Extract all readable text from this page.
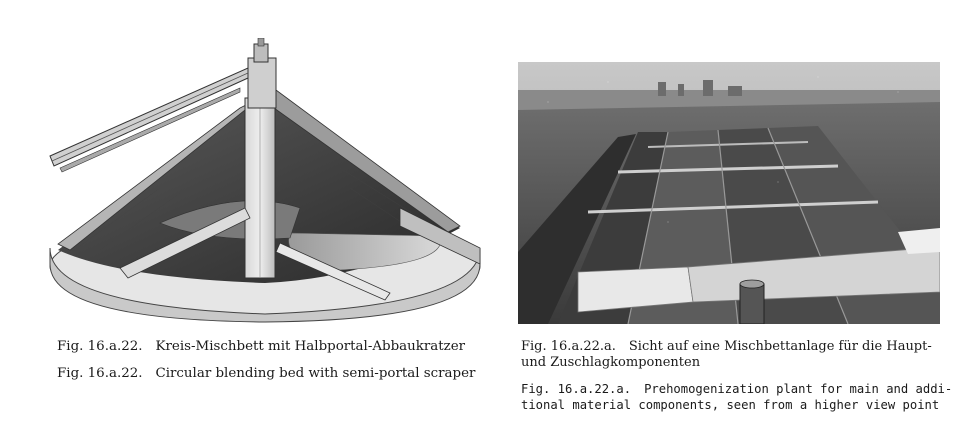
Fig. 16.a.22. Kreis-Mischbett mit Halbportal-Abbaukratzer
Fig. 16.a.22. Circular blending bed with semi-portal scraper
Fig. 16.a.22.a. Sicht auf eine Mischbettanlage für die Haupt-
und Zuschlagkomponenten
Fig. 16.a.22.a. Prehomogenization plant for main and addi-
tional material components, seen from a higher view point
